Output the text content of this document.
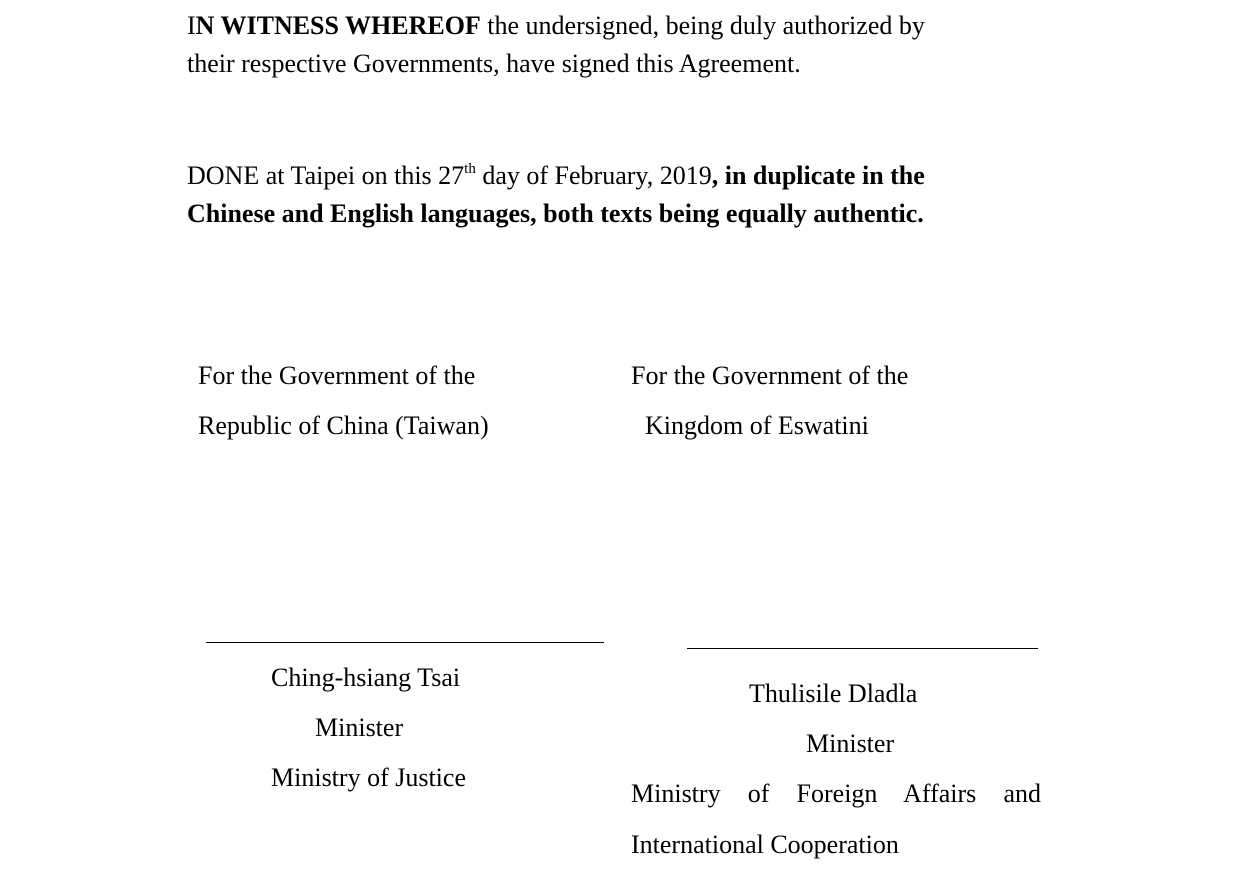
IN WITNESS WHEREOF the undersigned, being duly authorized by
their respective Governments, have signed this Agreement.
DONE at Taipei on this 27th day of February, 2019, in duplicate in the
Chinese and English languages, both texts being equally authentic.
For the Government of the
Republic of China (Taiwan)
For the Government of the
Kingdom of Eswatini
Ching-hsiang Tsai
Minister
Ministry of Justice
Thulisile Dladla
Minister
Ministry of Foreign Affairs and
International Cooperation
